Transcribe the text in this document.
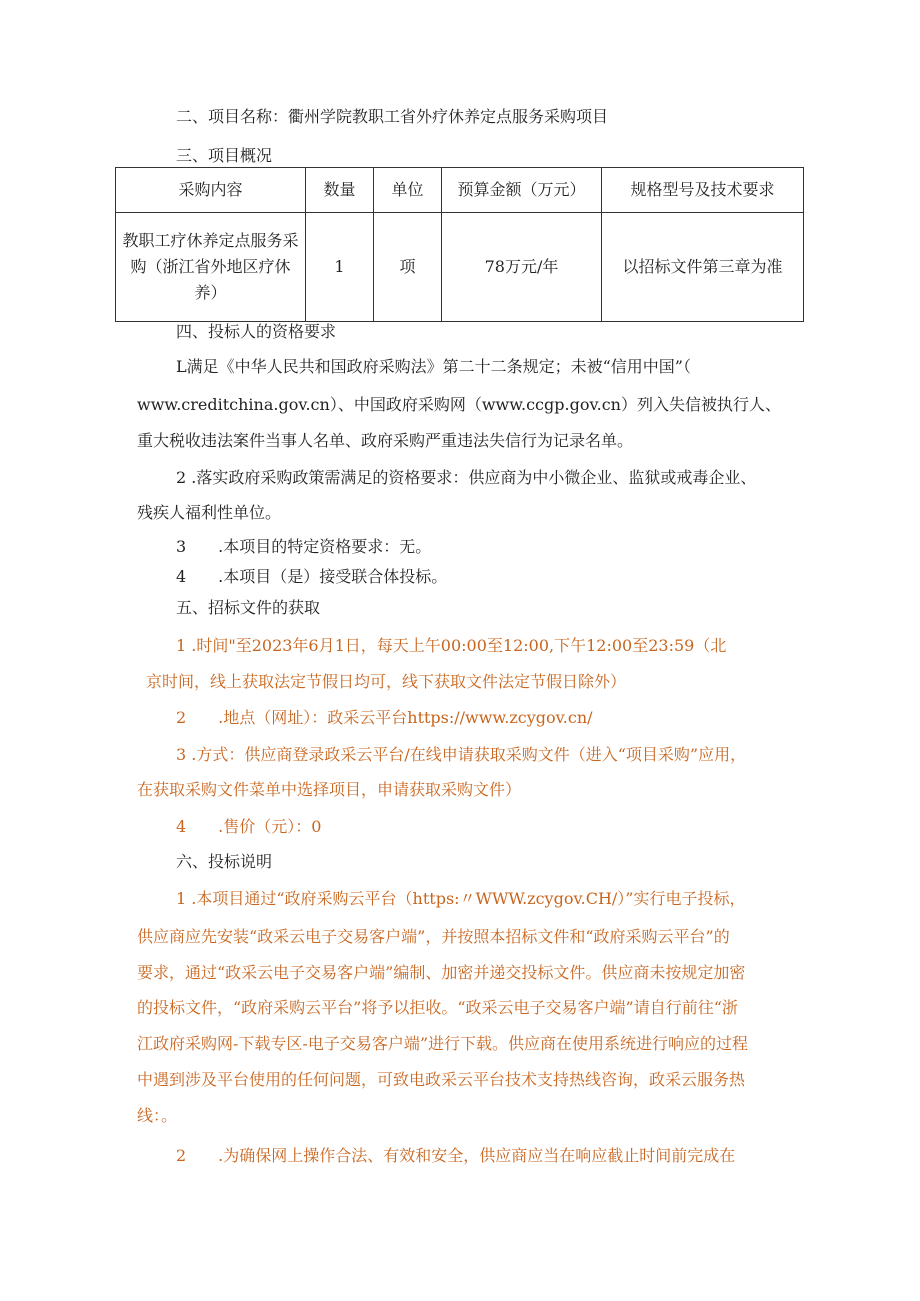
二、项目名称：衢州学院教职工省外疗休养定点服务采购项目
三、项目概况
采购内容	数量	单位	预算金额（万元）	规格型号及技术要求

教职工疗休养定点服务采
购（浙江省外地区疗休
养）	1	项	78万元/年	以招标文件第三章为准
四、投标人的资格要求
L满足《中华人民共和国政府采购法》第二十二条规定；未被“信用中国”（
www.creditchina.gov.cn）、中国政府采购网（www.ccgp.gov.cn）列入失信被执行人、
重大税收违法案件当事人名单、政府采购严重违法失信行为记录名单。
2 .落实政府采购政策需满足的资格要求：供应商为中小微企业、监狱或戒毒企业、
残疾人福利性单位。
3　　.本项目的特定资格要求：无。
4　　.本项目（是）接受联合体投标。
五、招标文件的获取
1 .时间"至2023年6月1日，每天上午00:00至12:00,下午12:00至23:59（北
京时间，线上获取法定节假日均可，线下获取文件法定节假日除外）
2　　.地点（网址）：政采云平台https://www.zcygov.cn/
3 .方式：供应商登录政采云平台/在线申请获取采购文件（进入“项目采购”应用，
在获取采购文件菜单中选择项目，申请获取采购文件）
4　　.售价（元）：0
六、投标说明
1 .本项目通过“政府采购云平台（https:〃WWW.zcygov.CH/）”实行电子投标，
供应商应先安装“政采云电子交易客户端”，并按照本招标文件和“政府采购云平台”的
要求，通过“政采云电子交易客户端”编制、加密并递交投标文件。供应商未按规定加密
的投标文件，“政府采购云平台”将予以拒收。“政采云电子交易客户端”请自行前往“浙
江政府采购网-下载专区-电子交易客户端”进行下载。供应商在使用系统进行响应的过程
中遇到涉及平台使用的任何问题，可致电政采云平台技术支持热线咨询，政采云服务热
线：。
2　　.为确保网上操作合法、有效和安全，供应商应当在响应截止时间前完成在
